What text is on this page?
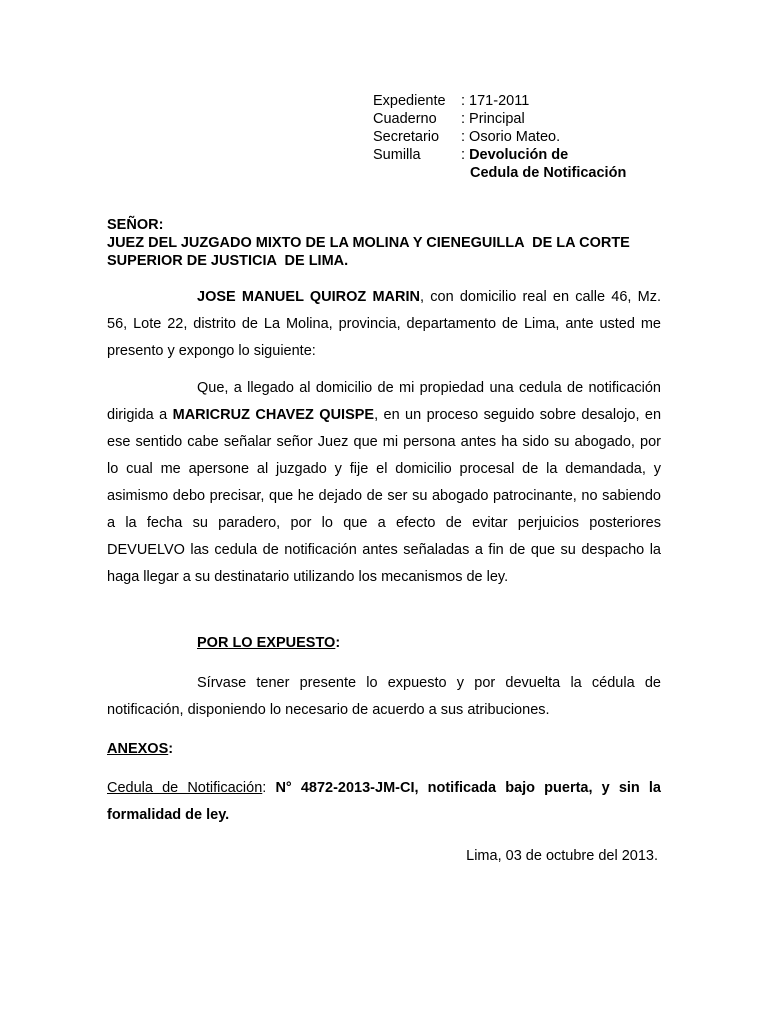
Expediente	: 171-2011
Cuaderno	: Principal
Secretario	: Osorio Mateo.
Sumilla	: Devolución de
Cedula de Notificación
SEÑOR:
JUEZ DEL JUZGADO MIXTO DE LA MOLINA Y CIENEGUILLA  DE LA CORTE
SUPERIOR DE JUSTICIA  DE LIMA.
JOSE MANUEL QUIROZ MARIN, con domicilio real en calle 46, Mz. 56, Lote 22, distrito de La Molina, provincia, departamento de Lima, ante usted me presento y expongo lo siguiente:
Que, a llegado al domicilio de mi propiedad una cedula de notificación dirigida a MARICRUZ CHAVEZ QUISPE, en un proceso seguido sobre desalojo, en ese sentido cabe señalar señor Juez que mi persona antes ha sido su abogado, por lo cual me apersone al juzgado y fije el domicilio procesal de la demandada, y asimismo debo precisar, que he dejado de ser su abogado patrocinante, no sabiendo a la fecha su paradero, por lo que a efecto de evitar perjuicios posteriores DEVUELVO las cedula de notificación antes señaladas a fin de que su despacho la haga llegar a su destinatario utilizando los mecanismos de ley.
POR LO EXPUESTO:
Sírvase tener presente lo expuesto y por devuelta la cédula de notificación, disponiendo lo necesario de acuerdo a sus atribuciones.
ANEXOS:
Cedula de Notificación: N° 4872-2013-JM-CI, notificada bajo puerta, y sin la formalidad de ley.
Lima, 03 de octubre del 2013.
